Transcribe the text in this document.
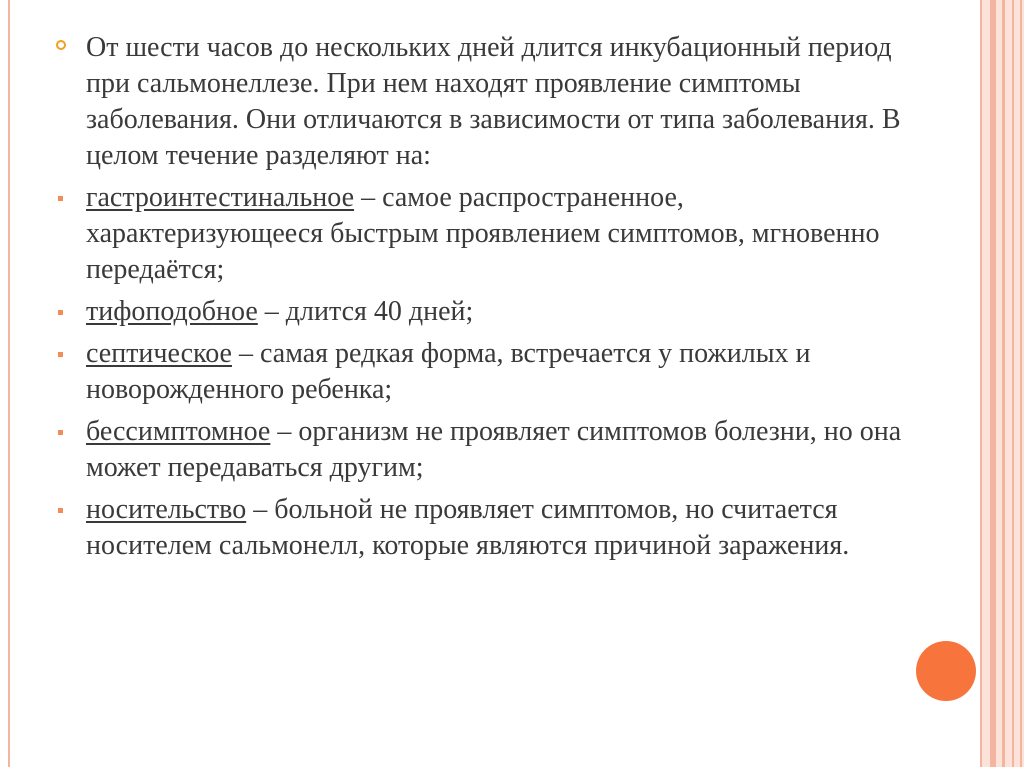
От шести часов до нескольких дней длится инкубационный период при сальмонеллезе. При нем находят проявление симптомы заболевания. Они отличаются в зависимости от типа заболевания. В целом течение разделяют на:
гастроинтестинальное – самое распространенное, характеризующееся быстрым проявлением симптомов, мгновенно передаётся;
тифоподобное – длится 40 дней;
септическое – самая редкая форма, встречается у пожилых и новорожденного ребенка;
бессимптомное – организм не проявляет симптомов болезни, но она может передаваться другим;
носительство – больной не проявляет симптомов, но считается носителем сальмонелл, которые являются причиной заражения.
